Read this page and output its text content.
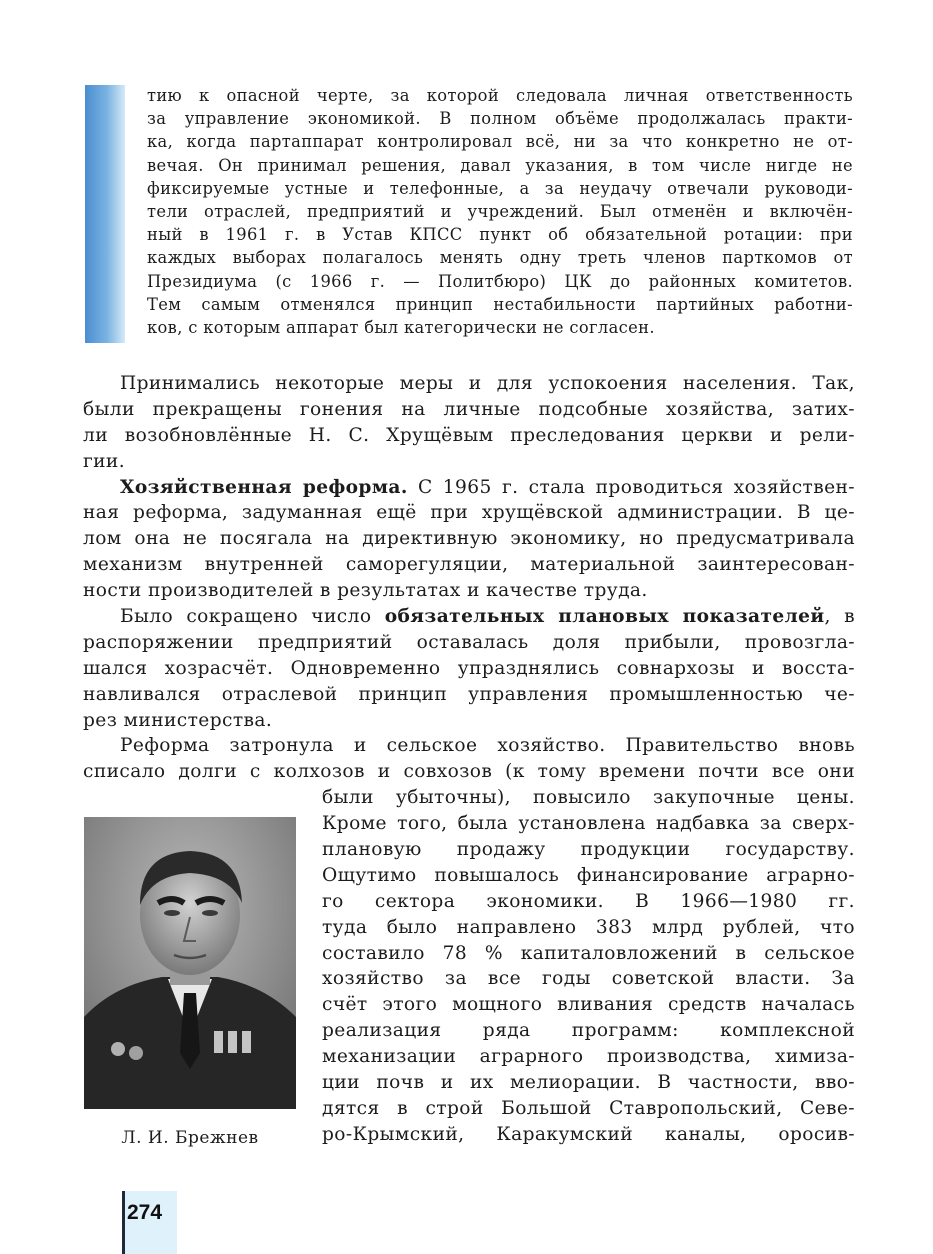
тию к опасной черте, за которой следовала личная ответственность
за управление экономикой. В полном объёме продолжалась практи-
ка, когда партаппарат контролировал всё, ни за что конкретно не от-
вечая. Он принимал решения, давал указания, в том числе нигде не
фиксируемые устные и телефонные, а за неудачу отвечали руководи-
тели отраслей, предприятий и учреждений. Был отменён и включён-
ный в 1961 г. в Устав КПСС пункт об обязательной ротации: при
каждых выборах полагалось менять одну треть членов парткомов от
Президиума (с 1966 г. — Политбюро) ЦК до районных комитетов.
Тем самым отменялся принцип нестабильности партийных работни-
ков, с которым аппарат был категорически не согласен.
Принимались некоторые меры и для успокоения населения. Так,
были прекращены гонения на личные подсобные хозяйства, затих-
ли возобновлённые Н. С. Хрущёвым преследования церкви и рели-
гии.
Хозяйственная реформа. С 1965 г. стала проводиться хозяйствен-
ная реформа, задуманная ещё при хрущёвской администрации. В це-
лом она не посягала на директивную экономику, но предусматривала
механизм внутренней саморегуляции, материальной заинтересован-
ности производителей в результатах и качестве труда.
Было сокращено число обязательных плановых показателей, в
распоряжении предприятий оставалась доля прибыли, провозгла-
шался хозрасчёт. Одновременно упразднялись совнархозы и восста-
навливался отраслевой принцип управления промышленностью че-
рез министерства.
Реформа затронула и сельское хозяйство. Правительство вновь
списало долги с колхозов и совхозов (к тому времени почти все они
были убыточны), повысило закупочные цены.
Кроме того, была установлена надбавка за сверх-
плановую продажу продукции государству.
Ощутимо повышалось финансирование аграрно-
го сектора экономики. В 1966—1980 гг.
туда было направлено 383 млрд рублей, что
составило 78 % капиталовложений в сельское
хозяйство за все годы советской власти. За
счёт этого мощного вливания средств началась
реализация ряда программ: комплексной
механизации аграрного производства, химиза-
ции почв и их мелиорации. В частности, вво-
дятся в строй Большой Ставропольский, Севе-
ро-Крымский, Каракумский каналы, оросив-
Л. И. Брежнев
274
